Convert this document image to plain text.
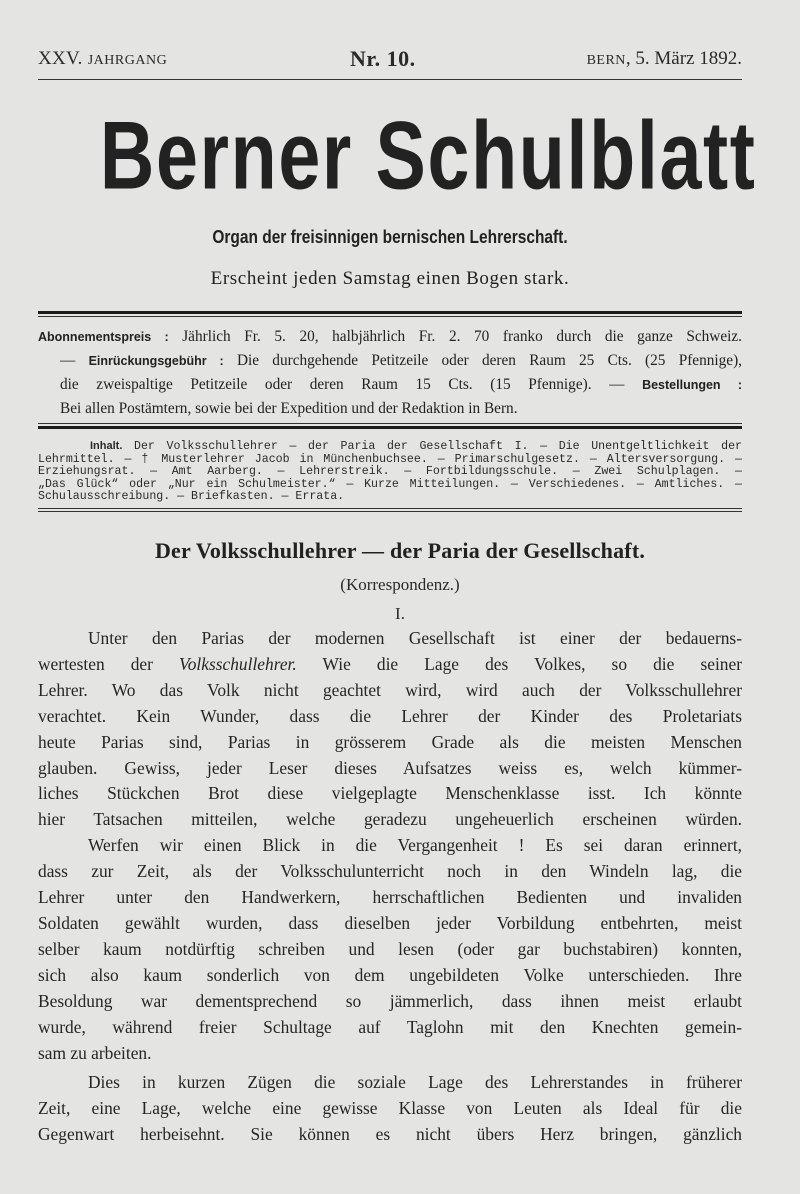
XXV. JAHRGANG	Nr. 10.	BERN, 5. März 1892.
Berner Schulblatt
Organ der freisinnigen bernischen Lehrerschaft.
Erscheint jeden Samstag einen Bogen stark.

Abonnementspreis : Jährlich Fr. 5. 20, halbjährlich Fr. 2. 70 franko durch die ganze Schweiz.

— Einrückungsgebühr : Die durchgehende Petitzeile oder deren Raum 25 Cts. (25 Pfennige),

die zweispaltige Petitzeile oder deren Raum 15 Cts. (15 Pfennige). — Bestellungen :

Bei allen Postämtern, sowie bei der Expedition und der Redaktion in Bern.

Inhalt. Der Volksschullehrer — der Paria der Gesellschaft I. — Die Unentgeltlichkeit der

Lehrmittel. — † Musterlehrer Jacob in Münchenbuchsee. — Primarschulgesetz. — Altersversorgung. —

Erziehungsrat. — Amt Aarberg. — Lehrerstreik. — Fortbildungsschule. — Zwei Schulplagen. —

„Das Glück“ oder „Nur ein Schulmeister.“ — Kurze Mitteilungen. — Verschiedenes. — Amtliches. —

Schulausschreibung. — Briefkasten. — Errata.

Der Volksschullehrer — der Paria der Gesellschaft.
(Korrespondenz.)
I.
Unter den Parias der modernen Gesellschaft ist einer der bedauerns-
wertesten der Volksschullehrer. Wie die Lage des Volkes, so die seiner
Lehrer. Wo das Volk nicht geachtet wird, wird auch der Volksschullehrer
verachtet. Kein Wunder, dass die Lehrer der Kinder des Proletariats
heute Parias sind, Parias in grösserem Grade als die meisten Menschen
glauben. Gewiss, jeder Leser dieses Aufsatzes weiss es, welch kümmer-
liches Stückchen Brot diese vielgeplagte Menschenklasse isst. Ich könnte
hier Tatsachen mitteilen, welche geradezu ungeheuerlich erscheinen würden.
Werfen wir einen Blick in die Vergangenheit ! Es sei daran erinnert,
dass zur Zeit, als der Volksschulunterricht noch in den Windeln lag, die
Lehrer unter den Handwerkern, herrschaftlichen Bedienten und invaliden
Soldaten gewählt wurden, dass dieselben jeder Vorbildung entbehrten, meist
selber kaum notdürftig schreiben und lesen (oder gar buchstabiren) konnten,
sich also kaum sonderlich von dem ungebildeten Volke unterschieden. Ihre
Besoldung war dementsprechend so jämmerlich, dass ihnen meist erlaubt
wurde, während freier Schultage auf Taglohn mit den Knechten gemein-
sam zu arbeiten.
Dies in kurzen Zügen die soziale Lage des Lehrerstandes in früherer
Zeit, eine Lage, welche eine gewisse Klasse von Leuten als Ideal für die
Gegenwart herbeisehnt. Sie können es nicht übers Herz bringen, gänzlich
